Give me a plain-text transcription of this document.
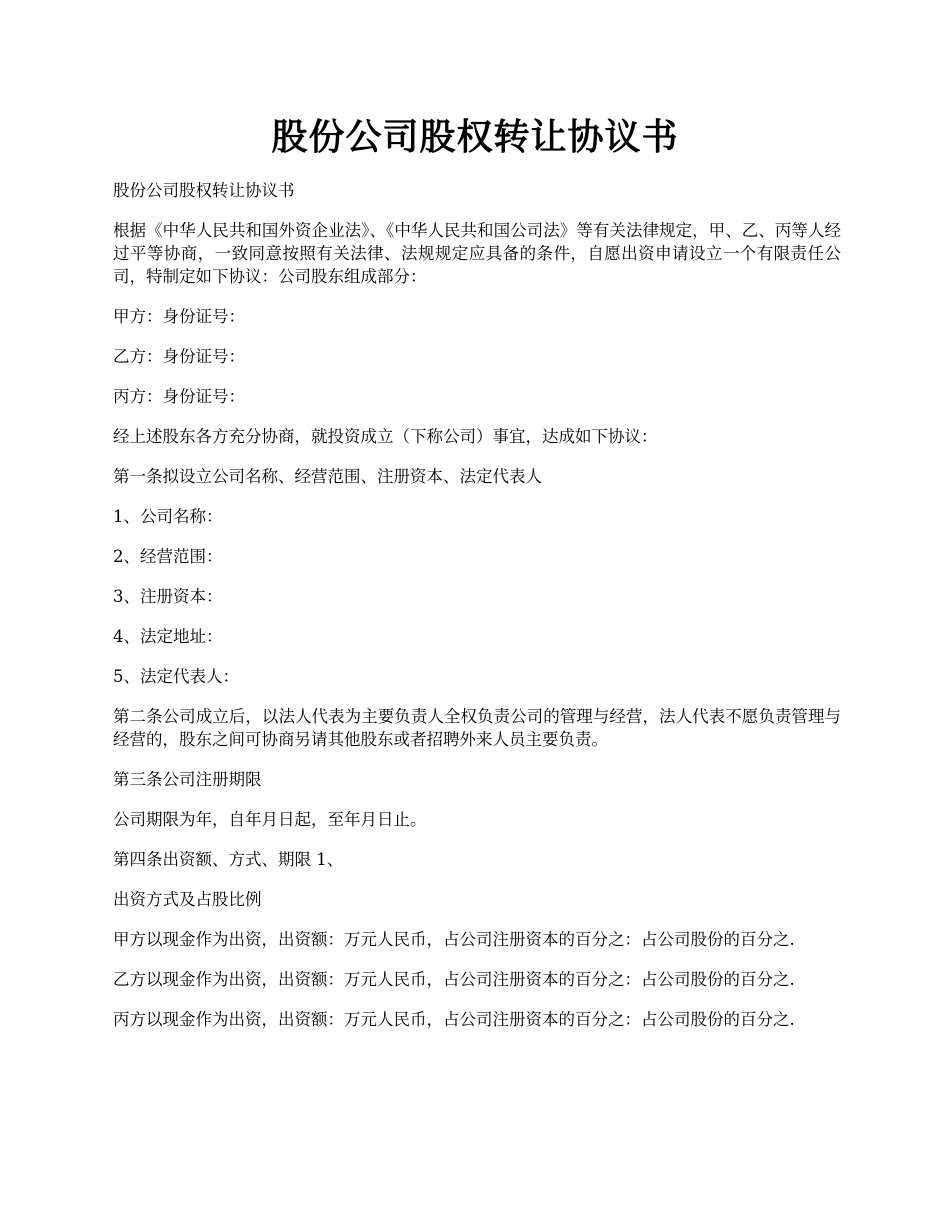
股份公司股权转让协议书

股份公司股权转让协议书

根据《中华人民共和国外资企业法》、《中华人民共和国公司法》等有关法律规定，甲、乙、丙等人经过平等协商，一致同意按照有关法律、法规规定应具备的条件，自愿出资申请设立一个有限责任公司，特制定如下协议：公司股东组成部分：

甲方：身份证号：

乙方：身份证号：

丙方：身份证号：

经上述股东各方充分协商，就投资成立（下称公司）事宜，达成如下协议：

第一条拟设立公司名称、经营范围、注册资本、法定代表人

1、公司名称：

2、经营范围：

3、注册资本：

4、法定地址：

5、法定代表人：

第二条公司成立后，以法人代表为主要负责人全权负责公司的管理与经营，法人代表不愿负责管理与经营的，股东之间可协商另请其他股东或者招聘外来人员主要负责。

第三条公司注册期限

公司期限为年，自年月日起，至年月日止。

第四条出资额、方式、期限 1、

出资方式及占股比例

甲方以现金作为出资，出资额：万元人民币，占公司注册资本的百分之：占公司股份的百分之.

乙方以现金作为出资，出资额：万元人民币，占公司注册资本的百分之：占公司股份的百分之.

丙方以现金作为出资，出资额：万元人民币，占公司注册资本的百分之：占公司股份的百分之.
